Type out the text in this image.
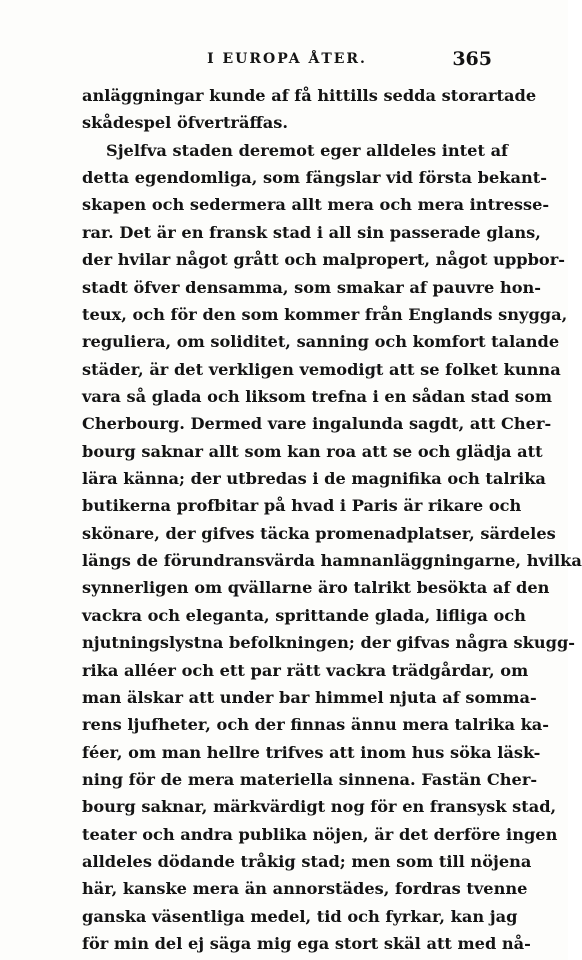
I EUROPA ÅTER.	365
anläggningar kunde af få hittills sedda storartade
skådespel öfverträffas.
Sjelfva staden deremot eger alldeles intet af
detta egendomliga, som fängslar vid första bekant-
skapen och sedermera allt mera och mera intresse-
rar. Det är en fransk stad i all sin passerade glans,
der hvilar något grått och malpropert, något uppbor-
stadt öfver densamma, som smakar af pauvre hon-
teux, och för den som kommer från Englands snygga,
reguliera, om soliditet, sanning och komfort talande
städer, är det verkligen vemodigt att se folket kunna
vara så glada och liksom trefna i en sådan stad som
Cherbourg. Dermed vare ingalunda sagdt, att Cher-
bourg saknar allt som kan roa att se och glädja att
lära känna; der utbredas i de magnifika och talrika
butikerna profbitar på hvad i Paris är rikare och
skönare, der gifves täcka promenadplatser, särdeles
längs de förundransvärda hamnanläggningarne, hvilka
synnerligen om qvällarne äro talrikt besökta af den
vackra och eleganta, sprittande glada, lifliga och
njutningslystna befolkningen; der gifvas några skugg-
rika alléer och ett par rätt vackra trädgårdar, om
man älskar att under bar himmel njuta af somma-
rens ljufheter, och der finnas ännu mera talrika ka-
féer, om man hellre trifves att inom hus söka läsk-
ning för de mera materiella sinnena. Fastän Cher-
bourg saknar, märkvärdigt nog för en fransysk stad,
teater och andra publika nöjen, är det derföre ingen
alldeles dödande tråkig stad; men som till nöjena
här, kanske mera än annorstädes, fordras tvenne
ganska väsentliga medel, tid och fyrkar, kan jag
för min del ej säga mig ega stort skäl att med nå-
